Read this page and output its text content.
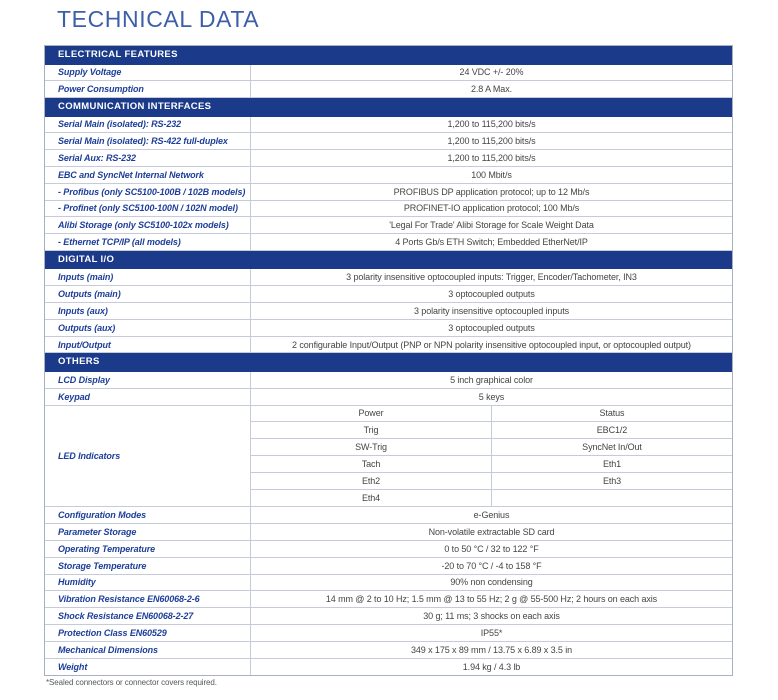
TECHNICAL DATA
ELECTRICAL FEATURES
Supply Voltage	24 VDC +/- 20%
Power Consumption	2.8 A Max.
COMMUNICATION INTERFACES
Serial Main (isolated): RS-232	1,200 to 115,200 bits/s
Serial Main (isolated): RS-422 full-duplex	1,200 to 115,200 bits/s
Serial Aux: RS-232	1,200 to 115,200 bits/s
EBC and SyncNet Internal Network	100 Mbit/s
- Profibus (only SC5100-100B / 102B models)	PROFIBUS DP application protocol; up to 12 Mb/s
- Profinet (only SC5100-100N / 102N model)	PROFINET-IO application protocol; 100 Mb/s
Alibi Storage (only SC5100-102x models)	'Legal For Trade' Alibi Storage for Scale Weight Data
- Ethernet TCP/IP (all models)	4 Ports Gb/s ETH Switch; Embedded EtherNet/IP
DIGITAL I/O
Inputs (main)	3 polarity insensitive optocoupled inputs: Trigger, Encoder/Tachometer, IN3
Outputs (main)	3 optocoupled outputs
Inputs (aux)	3 polarity insensitive optocoupled inputs
Outputs (aux)	3 optocoupled outputs
Input/Output	2 configurable Input/Output (PNP or NPN polarity insensitive optocoupled input, or optocoupled output)
OTHERS
LCD Display	5 inch graphical color
Keypad	5 keys
LED Indicators
Power	Status
Trig	EBC1/2
SW-Trig	SyncNet In/Out
Tach	Eth1
Eth2	Eth3
Eth4
Configuration Modes	e-Genius
Parameter Storage	Non-volatile extractable SD card
Operating Temperature	0 to 50 °C / 32 to 122 °F
Storage Temperature	-20 to 70 °C / -4 to 158 °F
Humidity	90% non condensing
Vibration Resistance EN60068-2-6	14 mm @ 2 to 10 Hz; 1.5 mm @ 13 to 55 Hz; 2 g @ 55-500 Hz; 2 hours on each axis
Shock Resistance EN60068-2-27	30 g; 11 ms; 3 shocks on each axis
Protection Class EN60529	IP55*
Mechanical Dimensions	349 x 175 x 89 mm / 13.75 x 6.89 x 3.5 in
Weight	1.94 kg / 4.3 lb
*Sealed connectors or connector covers required.
